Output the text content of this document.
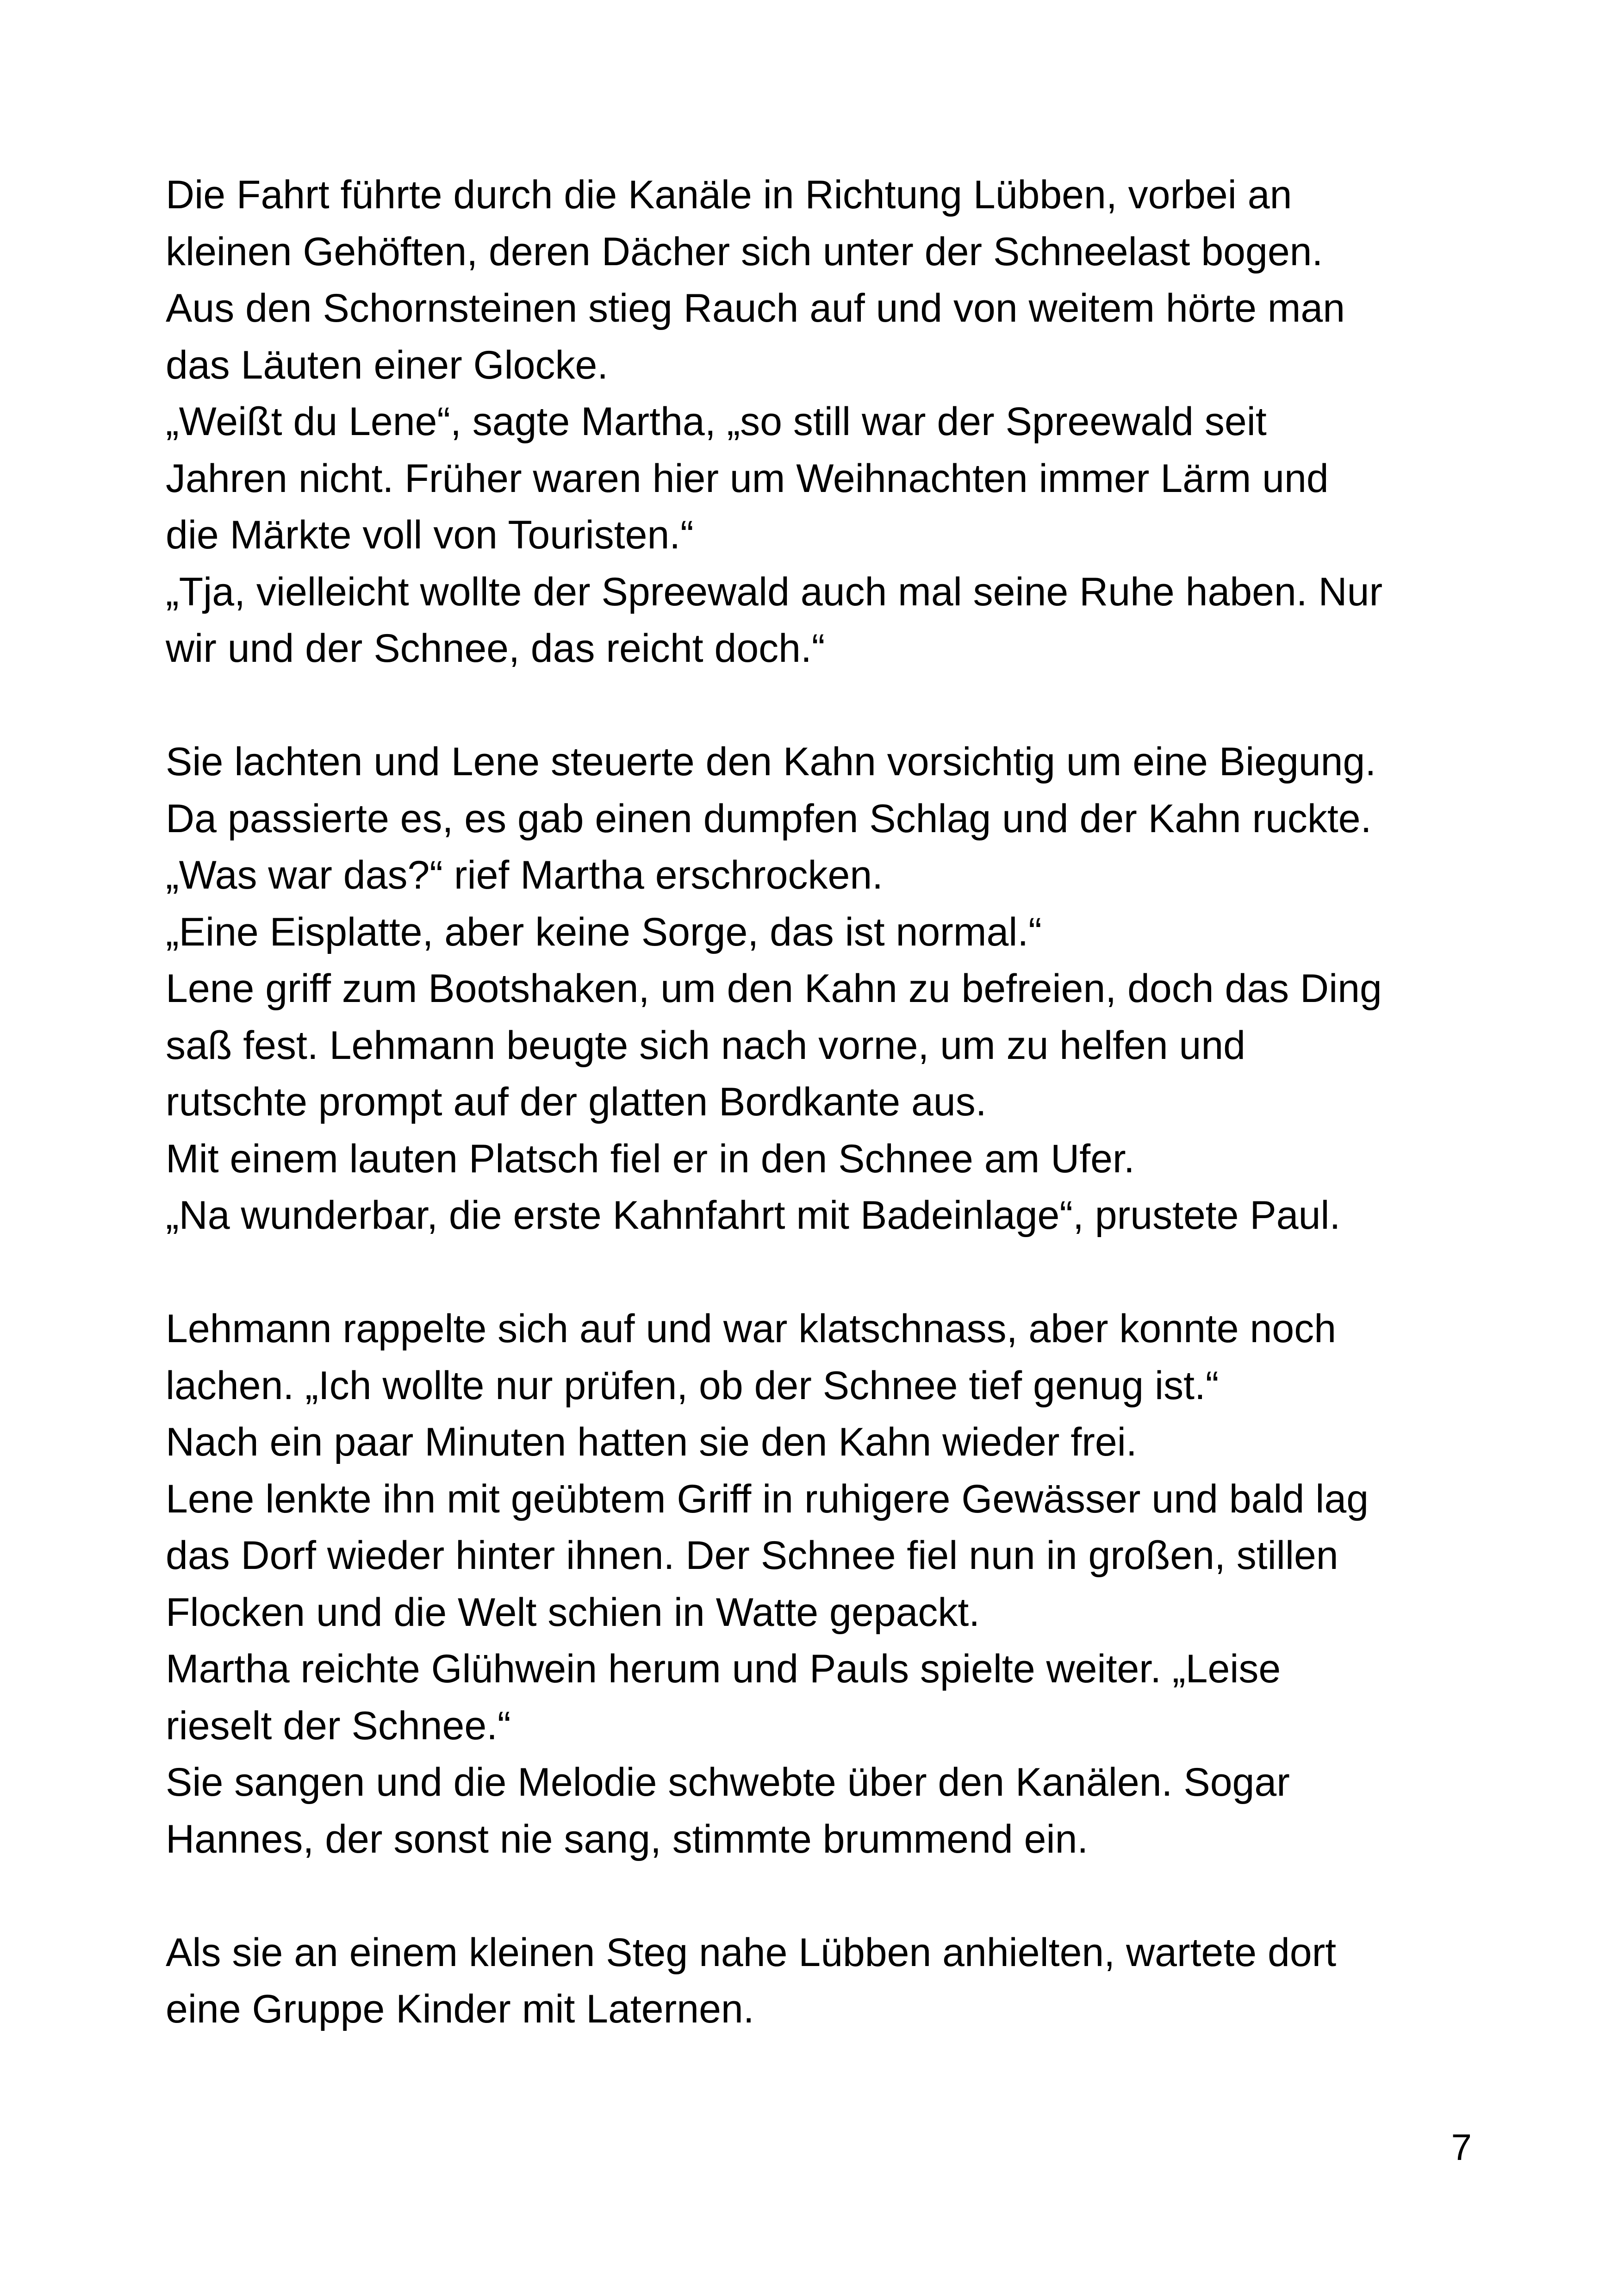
Die Fahrt führte durch die Kanäle in Richtung Lübben, vorbei an
kleinen Gehöften, deren Dächer sich unter der Schneelast bogen.
Aus den Schornsteinen stieg Rauch auf und von weitem hörte man
das Läuten einer Glocke.
„Weißt du Lene“, sagte Martha, „so still war der Spreewald seit
Jahren nicht. Früher waren hier um Weihnachten immer Lärm und
die Märkte voll von Touristen.“
„Tja, vielleicht wollte der Spreewald auch mal seine Ruhe haben. Nur
wir und der Schnee, das reicht doch.“
Sie lachten und Lene steuerte den Kahn vorsichtig um eine Biegung.
Da passierte es, es gab einen dumpfen Schlag und der Kahn ruckte.
„Was war das?“ rief Martha erschrocken.
„Eine Eisplatte, aber keine Sorge, das ist normal.“
Lene griff zum Bootshaken, um den Kahn zu befreien, doch das Ding
saß fest. Lehmann beugte sich nach vorne, um zu helfen und
rutschte prompt auf der glatten Bordkante aus.
Mit einem lauten Platsch fiel er in den Schnee am Ufer.
„Na wunderbar, die erste Kahnfahrt mit Badeinlage“, prustete Paul.
Lehmann rappelte sich auf und war klatschnass, aber konnte noch
lachen. „Ich wollte nur prüfen, ob der Schnee tief genug ist.“
Nach ein paar Minuten hatten sie den Kahn wieder frei.
Lene lenkte ihn mit geübtem Griff in ruhigere Gewässer und bald lag
das Dorf wieder hinter ihnen. Der Schnee fiel nun in großen, stillen
Flocken und die Welt schien in Watte gepackt.
Martha reichte Glühwein herum und Pauls spielte weiter. „Leise
rieselt der Schnee.“
Sie sangen und die Melodie schwebte über den Kanälen. Sogar
Hannes, der sonst nie sang, stimmte brummend ein.
Als sie an einem kleinen Steg nahe Lübben anhielten, wartete dort
eine Gruppe Kinder mit Laternen.
7
